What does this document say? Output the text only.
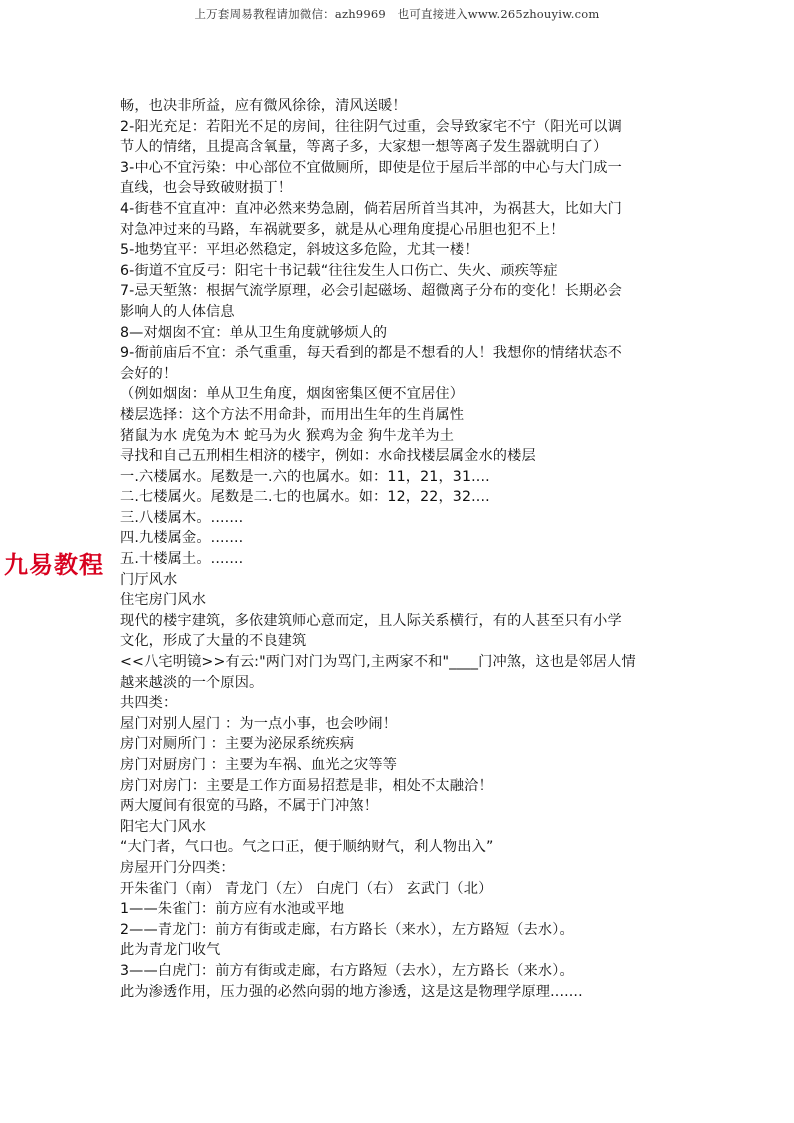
上万套周易教程请加微信：azh9969　也可直接进入www.265zhouyiw.com
九易教程
畅，也决非所益，应有微风徐徐，清风送暖！
2-阳光充足：若阳光不足的房间，往往阴气过重，会导致家宅不宁（阳光可以调
节人的情绪，且提高含氧量，等离子多，大家想一想等离子发生器就明白了）
3-中心不宜污染：中心部位不宜做厕所，即使是位于屋后半部的中心与大门成一
直线，也会导致破财损丁！
4-街巷不宜直冲：直冲必然来势急剧，倘若居所首当其冲，为祸甚大，比如大门
对急冲过来的马路，车祸就要多，就是从心理角度提心吊胆也犯不上！
5-地势宜平：平坦必然稳定，斜坡这多危险，尤其一楼！
6-街道不宜反弓：阳宅十书记载“往往发生人口伤亡、失火、顽疾等症
7-忌天堑煞：根据气流学原理，必会引起磁场、超微离子分布的变化！长期必会
影响人的人体信息
8—对烟囱不宜：单从卫生角度就够烦人的
9-衙前庙后不宜：杀气重重，每天看到的都是不想看的人！我想你的情绪状态不
会好的！
（例如烟囱：单从卫生角度，烟囱密集区便不宜居住）
楼层选择：这个方法不用命卦，而用出生年的生肖属性
猪鼠为水 虎兔为木 蛇马为火 猴鸡为金 狗牛龙羊为土
寻找和自己五刑相生相济的楼宇，例如：水命找楼层属金水的楼层
一.六楼属水。尾数是一.六的也属水。如：11，21，31....
二.七楼属火。尾数是二.七的也属水。如：12，22，32....
三.八楼属木。.......
四.九楼属金。.......
五.十楼属土。.......
门厅风水
住宅房门风水
现代的楼宇建筑，多依建筑师心意而定，且人际关系横行，有的人甚至只有小学
文化，形成了大量的不良建筑
<<八宅明镜>>有云:"两门对门为骂门,主两家不和"____门冲煞，这也是邻居人情
越来越淡的一个原因。
共四类：
屋门对别人屋门 ：为一点小事，也会吵闹！
房门对厕所门 ：主要为泌尿系统疾病
房门对厨房门 ：主要为车祸、血光之灾等等
房门对房门：主要是工作方面易招惹是非，相处不太融洽！
两大厦间有很宽的马路，不属于门冲煞！
阳宅大门风水
“大门者，气口也。气之口正，便于顺纳财气，利人物出入”
房屋开门分四类：
开朱雀门（南） 青龙门（左） 白虎门（右） 玄武门（北）
1——朱雀门：前方应有水池或平地
2——青龙门：前方有街或走廊，右方路长（来水），左方路短（去水）。
此为青龙门收气
3——白虎门：前方有街或走廊，右方路短（去水），左方路长（来水）。
此为渗透作用，压力强的必然向弱的地方渗透，这是这是物理学原理.......
